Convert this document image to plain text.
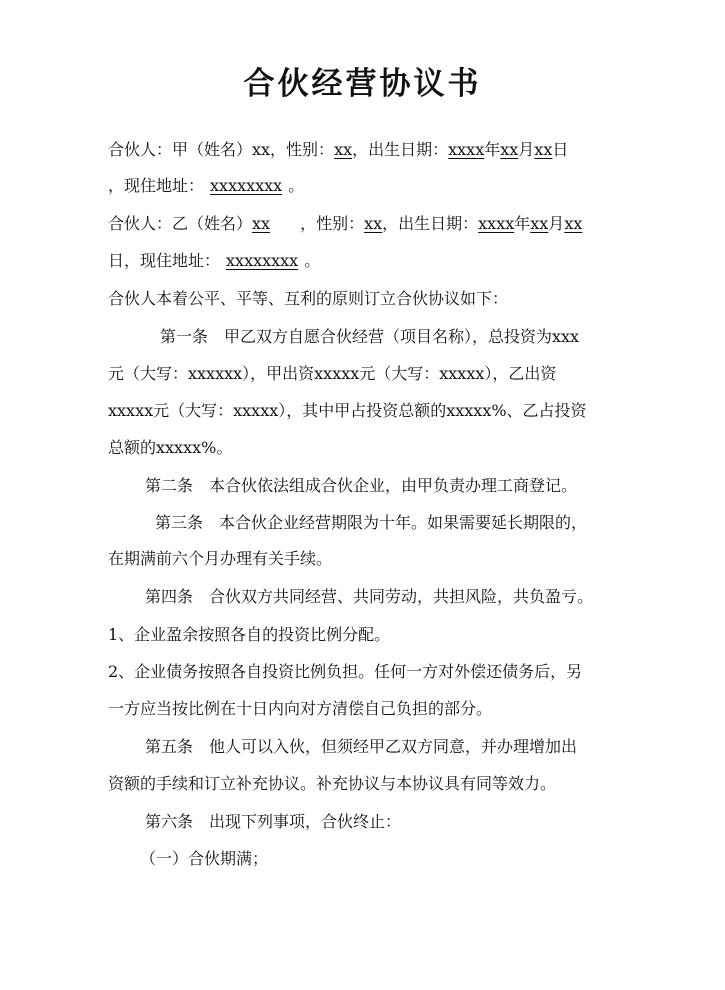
合伙经营协议书
合伙人：甲（姓名）xx，性别：xx，出生日期：xxxx年xx月xx日
，现住地址： xxxxxxxx 。
合伙人：乙（姓名）xx ，性别：xx，出生日期：xxxx年xx月xx
日，现住地址： xxxxxxxx 。
合伙人本着公平、平等、互利的原则订立合伙协议如下：
第一条　甲乙双方自愿合伙经营（项目名称），总投资为xxx
元（大写：xxxxxx），甲出资xxxxx元（大写：xxxxx），乙出资
xxxxx元（大写：xxxxx），其中甲占投资总额的xxxxx%、乙占投资
总额的xxxxx%。
第二条　本合伙依法组成合伙企业，由甲负责办理工商登记。
第三条　本合伙企业经营期限为十年。如果需要延长期限的，
在期满前六个月办理有关手续。
第四条　合伙双方共同经营、共同劳动，共担风险，共负盈亏。
1、企业盈余按照各自的投资比例分配。
2、企业债务按照各自投资比例负担。任何一方对外偿还债务后，另
一方应当按比例在十日内向对方清偿自己负担的部分。
第五条　他人可以入伙，但须经甲乙双方同意，并办理增加出
资额的手续和订立补充协议。补充协议与本协议具有同等效力。
第六条　出现下列事项，合伙终止：
（一）合伙期满；
